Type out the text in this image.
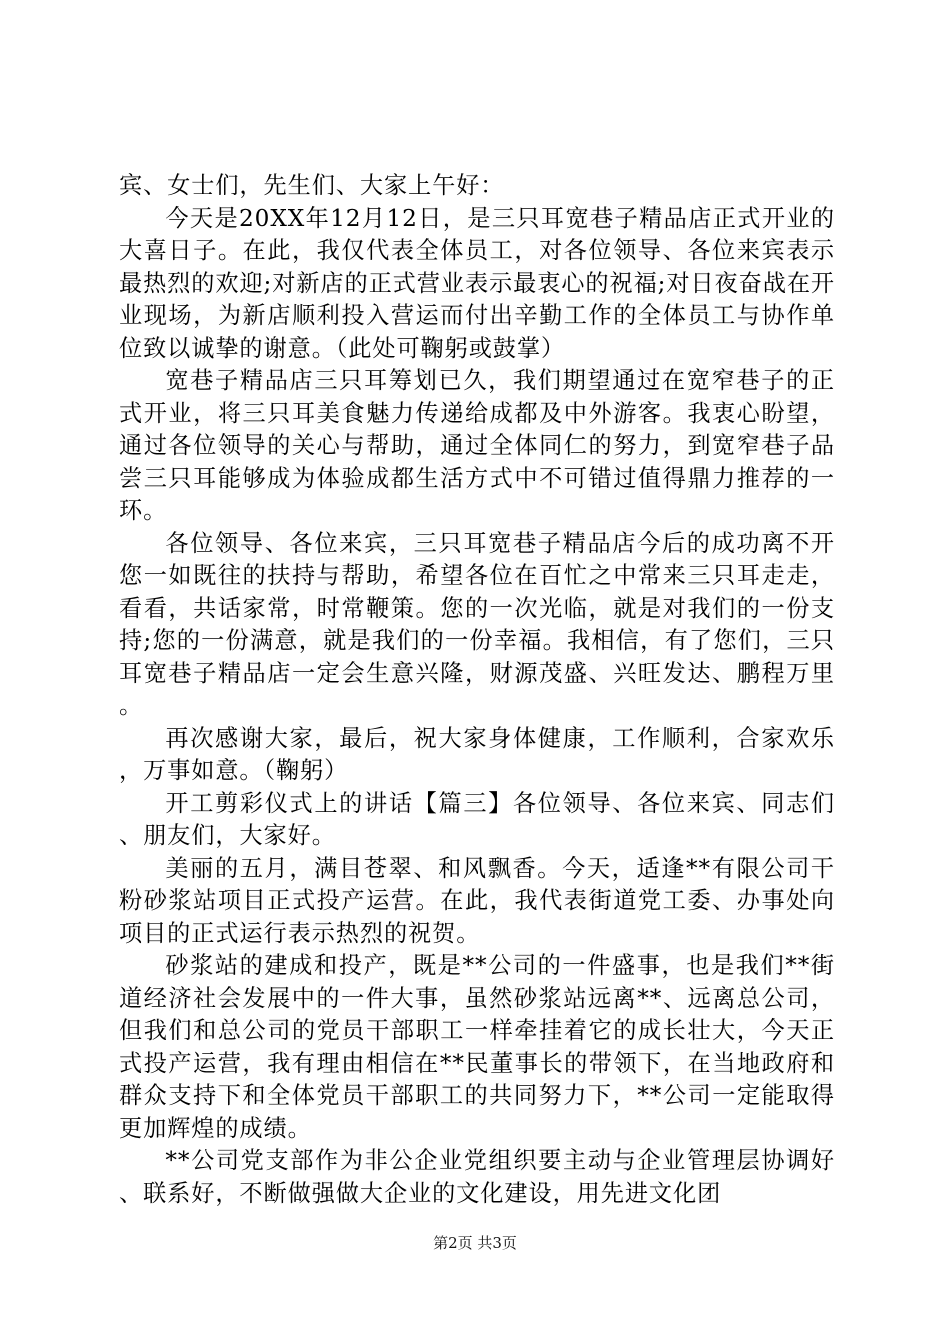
宾、女士们，先生们、大家上午好：

今天是20XX年12月12日，是三只耳宽巷子精品店正式开业的大喜日子。在此，我仅代表全体员工，对各位领导、各位来宾表示最热烈的欢迎;对新店的正式营业表示最衷心的祝福;对日夜奋战在开业现场，为新店顺利投入营运而付出辛勤工作的全体员工与协作单位致以诚挚的谢意。（此处可鞠躬或鼓掌）

宽巷子精品店三只耳筹划已久，我们期望通过在宽窄巷子的正式开业，将三只耳美食魅力传递给成都及中外游客。我衷心盼望，通过各位领导的关心与帮助，通过全体同仁的努力，到宽窄巷子品尝三只耳能够成为体验成都生活方式中不可错过值得鼎力推荐的一环。

各位领导、各位来宾，三只耳宽巷子精品店今后的成功离不开您一如既往的扶持与帮助，希望各位在百忙之中常来三只耳走走，看看，共话家常，时常鞭策。您的一次光临，就是对我们的一份支持;您的一份满意，就是我们的一份幸福。我相信，有了您们，三只耳宽巷子精品店一定会生意兴隆，财源茂盛、兴旺发达、鹏程万里。

再次感谢大家，最后，祝大家身体健康，工作顺利，合家欢乐，万事如意。（鞠躬）

开工剪彩仪式上的讲话【篇三】各位领导、各位来宾、同志们、朋友们，大家好。

美丽的五月，满目苍翠、和风飘香。今天，适逢**有限公司干粉砂浆站项目正式投产运营。在此，我代表街道党工委、办事处向项目的正式运行表示热烈的祝贺。

砂浆站的建成和投产，既是**公司的一件盛事，也是我们**街道经济社会发展中的一件大事，虽然砂浆站远离**、远离总公司，但我们和总公司的党员干部职工一样牵挂着它的成长壮大，今天正式投产运营，我有理由相信在**民董事长的带领下，在当地政府和群众支持下和全体党员干部职工的共同努力下，**公司一定能取得更加辉煌的成绩。

**公司党支部作为非公企业党组织要主动与企业管理层协调好、联系好，不断做强做大企业的文化建设，用先进文化团

第2页 共3页
